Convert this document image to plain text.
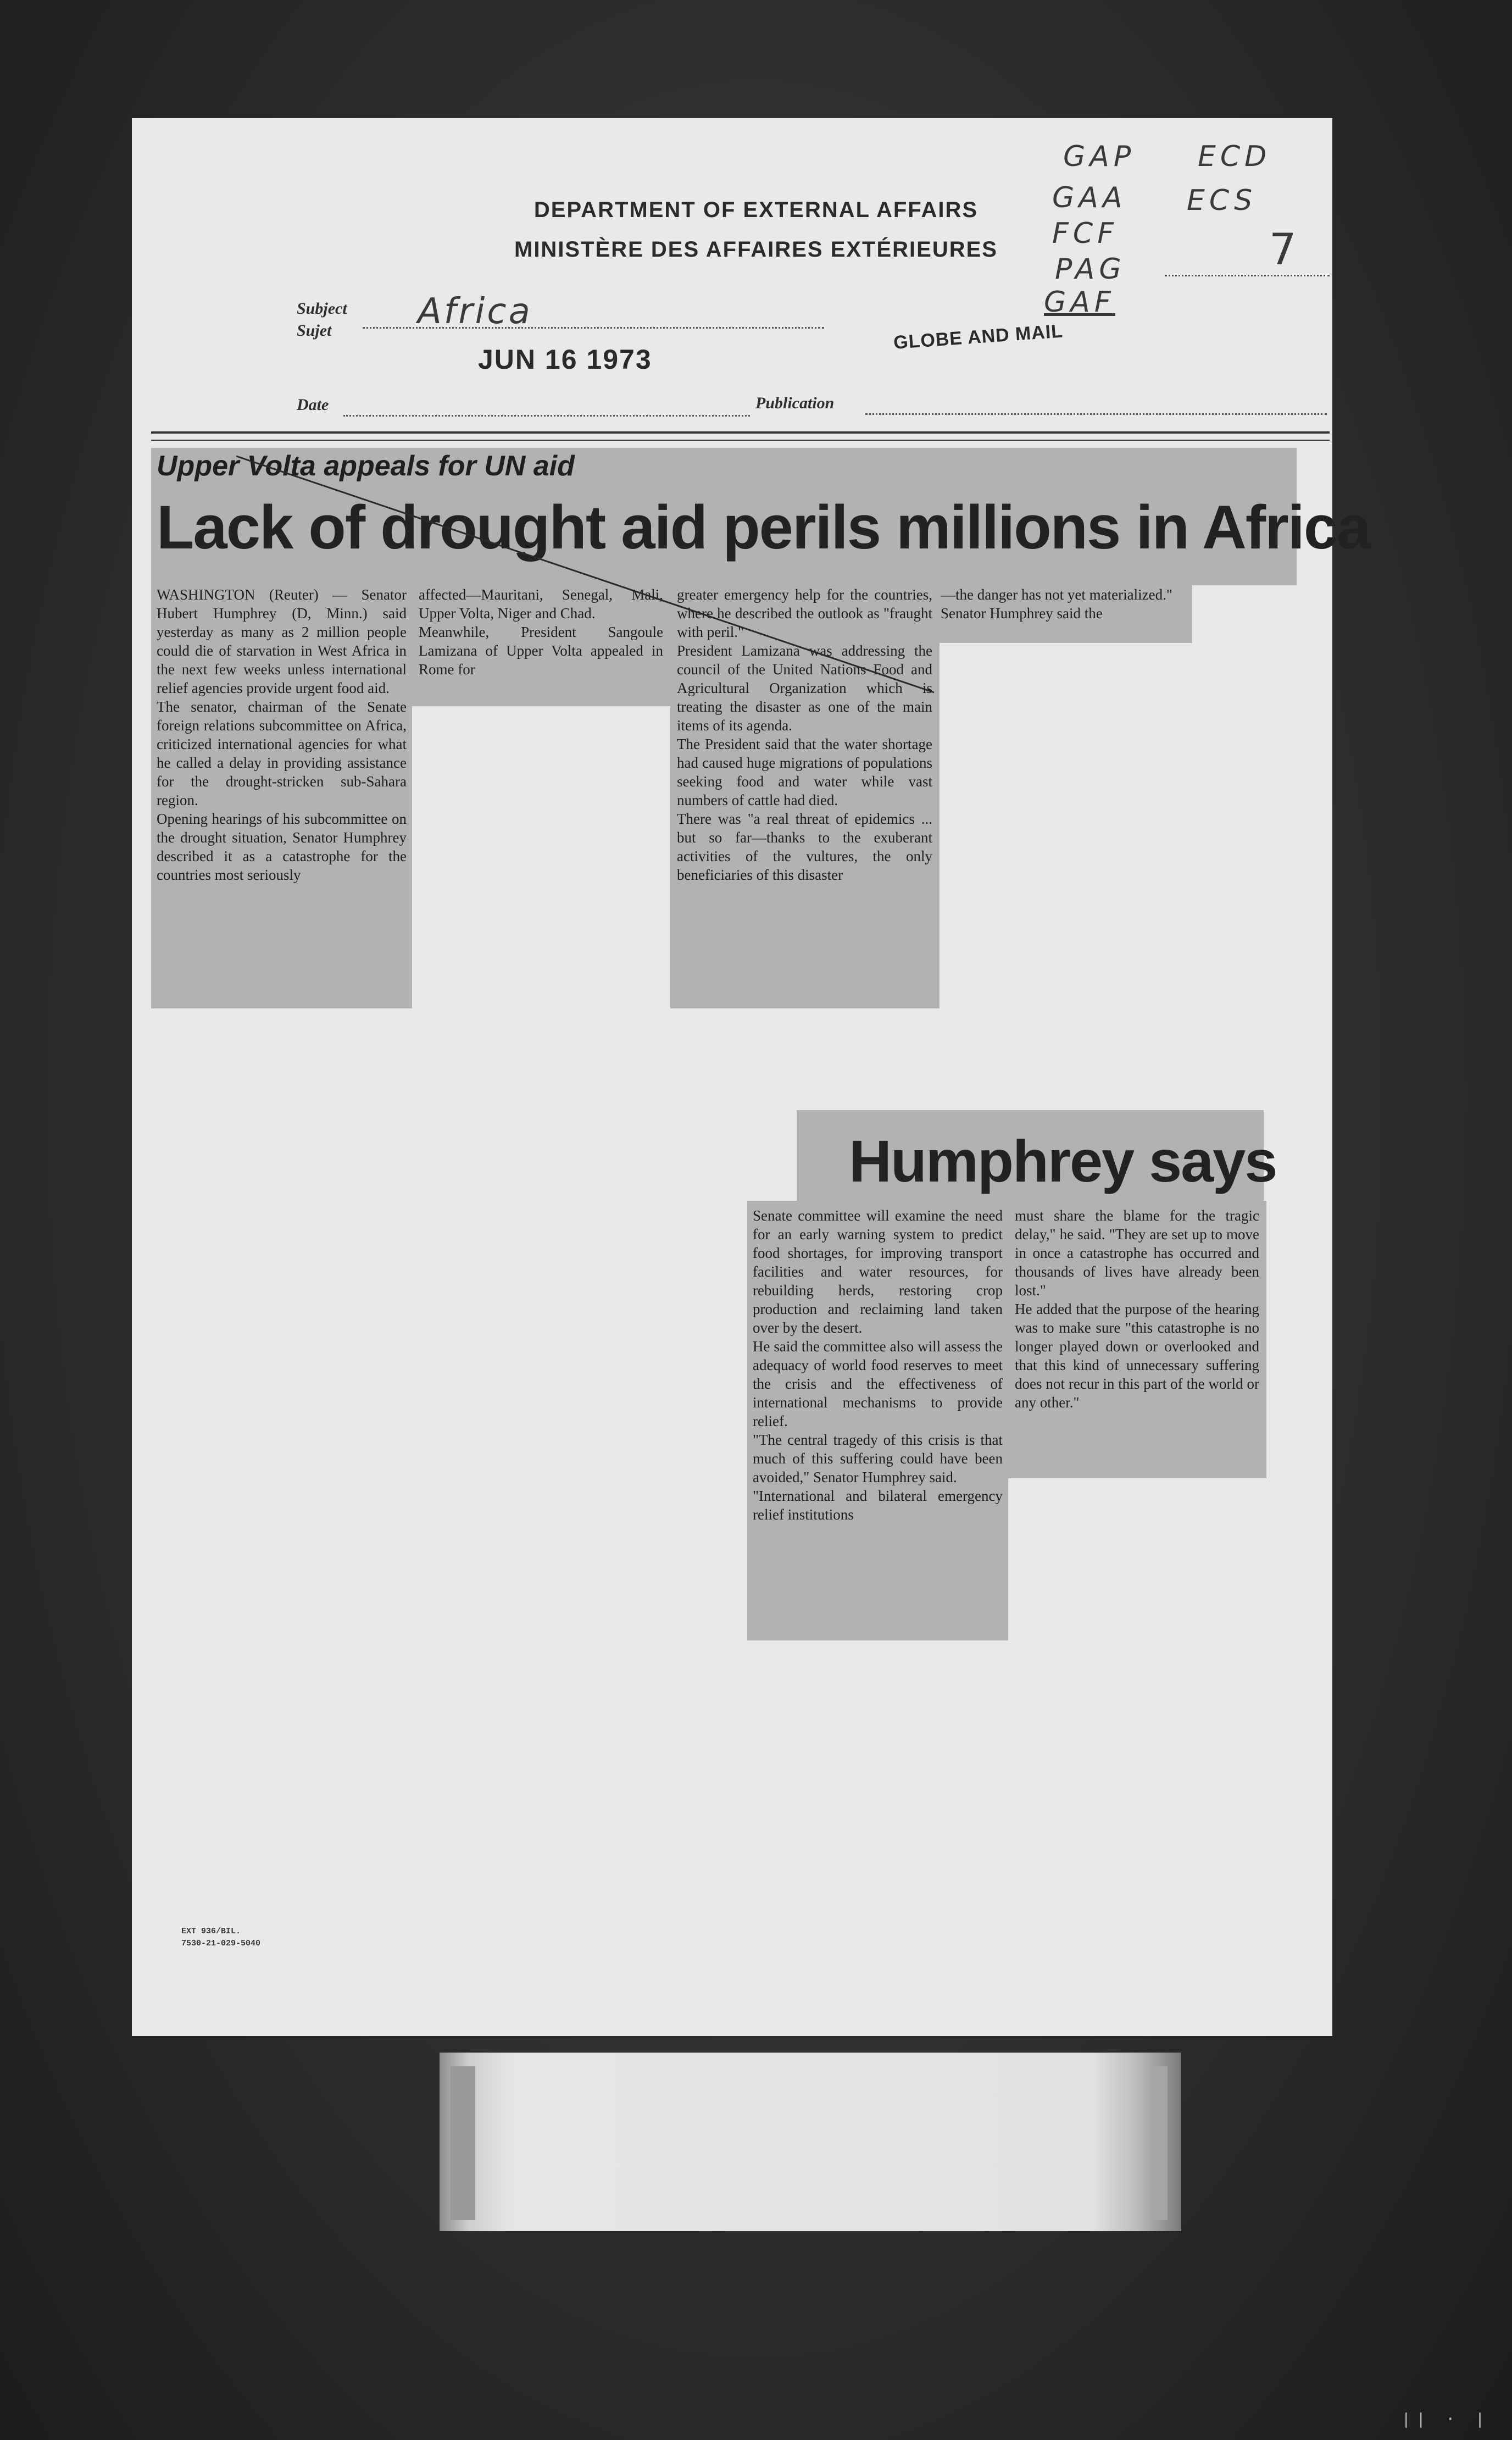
DEPARTMENT OF EXTERNAL AFFAIRS
MINISTÈRE DES AFFAIRES EXTÉRIEURES
GAP
GAA
FCF
PAG
GAF
ECD
ECS
7
Subject
Sujet Africa
JUN 16 1973
GLOBE AND MAIL
Date	Publication
Upper Volta appeals for UN aid
Lack of drought aid perils millions in Africa
WASHINGTON (Reuter) — Senator Hubert Humphrey (D, Minn.) said yesterday as many as 2 million people could die of starvation in West Africa in the next few weeks unless international relief agencies provide urgent food aid.
The senator, chairman of the Senate foreign relations subcommittee on Africa, criticized international agencies for what he called a delay in providing assistance for the drought-stricken sub-Sahara region.
Opening hearings of his subcommittee on the drought situation, Senator Humphrey described it as a catastrophe for the countries most seriously
affected—Mauritani, Senegal, Upper Volta, Niger and Chad.
Meanwhile, President Sangoule Lamizana of Upper Volta appealed in Rome for
greater emergency help for the countries, where he described the outlook as "fraught with peril."
President Lamizana was addressing the council of the United Nations Food and Agricultural Organization which is treating the disaster as one of the main items of its agenda.
The President said that the water shortage had caused huge migrations of populations seeking food and water while vast numbers of cattle had died.
There was "a real threat of epidemics ... but so far—thanks to the exuberant activities of the vultures, the only beneficiaries of this disaster
—the danger has not yet materialized."
Senator Humphrey said the
Humphrey says
Senate committee will examine the need for an early warning system to predict food shortages, for improving transport facilities and water resources, for rebuilding herds, restoring crop production and reclaiming land taken over by the desert.
He said the committee also will assess the adequacy of world food reserves to meet the crisis and the effectiveness of international mechanisms to provide relief.
"The central tragedy of this crisis is that much of this suffering could have been avoided," Senator Humphrey said.
"International and bilateral emergency relief institutions
must share the blame for the tragic delay," he said. "They are set up to move in once a catastrophe has occurred and thousands of lives have already been lost."
He added that the purpose of the hearing was to make sure "this catastrophe is no longer played down or overlooked and that this kind of unnecessary suffering does not recur in this part of the world or any other."
EXT 936/BIL.
7530-21-029-5040
|| · |
